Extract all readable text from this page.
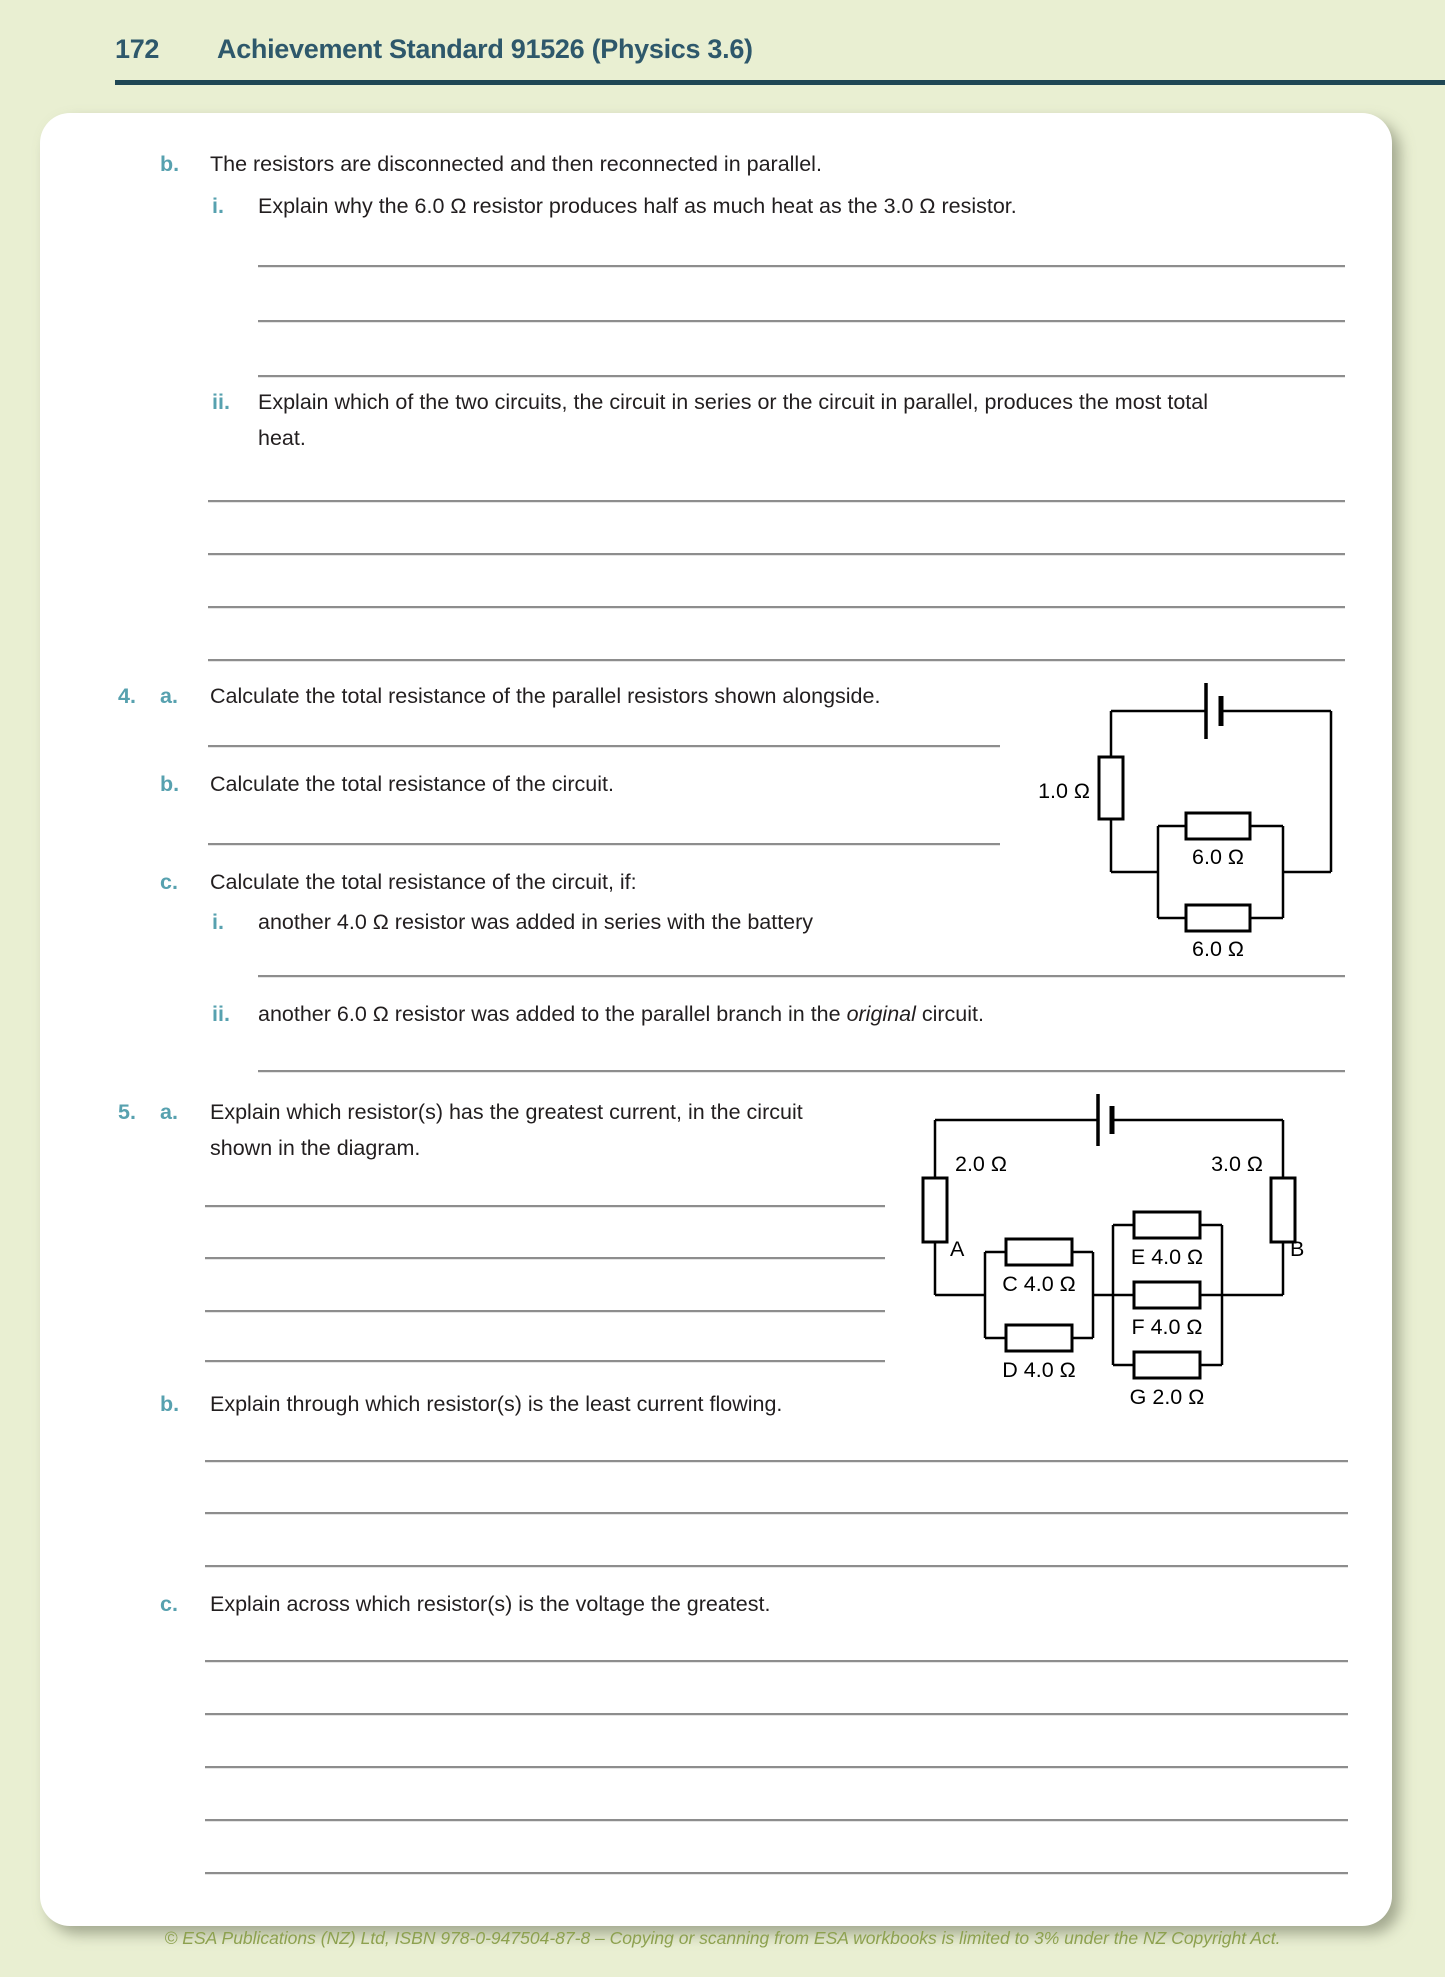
172 Achievement Standard 91526 (Physics 3.6)
b. The resistors are disconnected and then reconnected in parallel.
i. Explain why the 6.0 Ω resistor produces half as much heat as the 3.0 Ω resistor.
ii. Explain which of the two circuits, the circuit in series or the circuit in parallel, produces the most total
heat.
4. a. Calculate the total resistance of the parallel resistors shown alongside.
b. Calculate the total resistance of the circuit.
c. Calculate the total resistance of the circuit, if:
i. another 4.0 Ω resistor was added in series with the battery
ii. another 6.0 Ω resistor was added to the parallel branch in the original circuit.
5. a. Explain which resistor(s) has the greatest current, in the circuit
shown in the diagram.
b. Explain through which resistor(s) is the least current flowing.
c. Explain across which resistor(s) is the voltage the greatest.
1.0 Ω
6.0 Ω
6.0 Ω
2.0 Ω
A
C 4.0 Ω
D 4.0 Ω
E 4.0 Ω
F 4.0 Ω
G 2.0 Ω
3.0 Ω
B
© ESA Publications (NZ) Ltd, ISBN 978-0-947504-87-8 – Copying or scanning from ESA workbooks is limited to 3% under the NZ Copyright Act.
